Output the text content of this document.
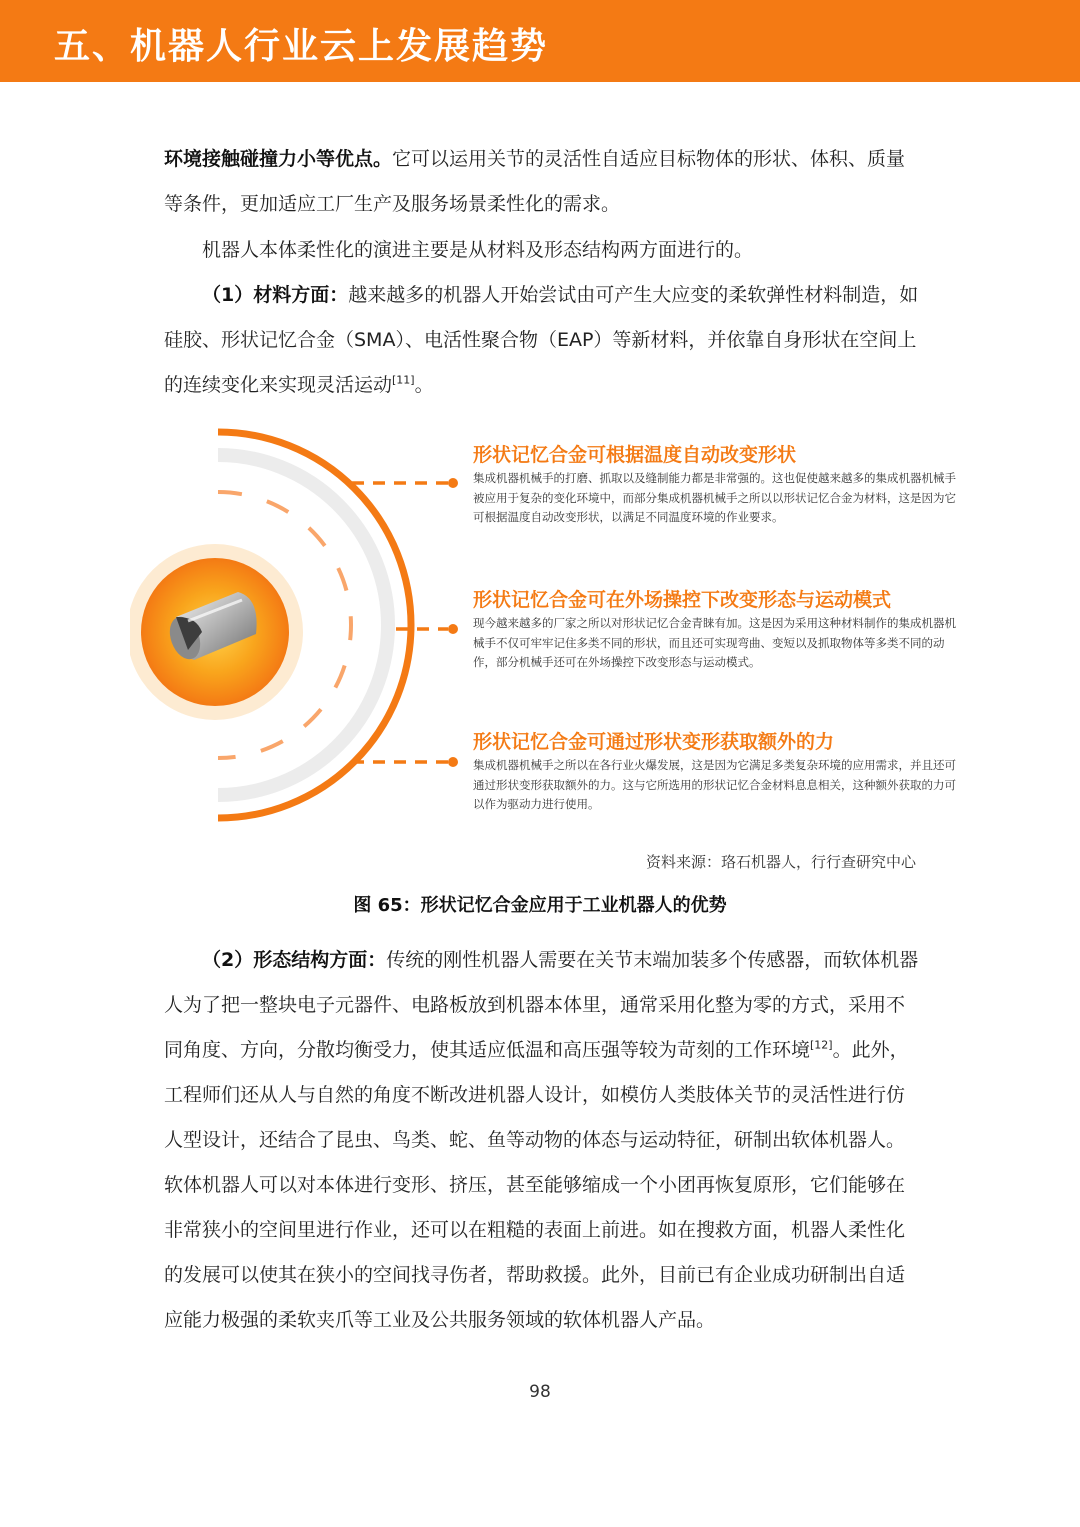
五、机器人行业云上发展趋势

环境接触碰撞力小等优点。它可以运用关节的灵活性自适应目标物体的形状、体积、质量等条件，更加适应工厂生产及服务场景柔性化的需求。

机器人本体柔性化的演进主要是从材料及形态结构两方面进行的。

（1）材料方面：越来越多的机器人开始尝试由可产生大应变的柔软弹性材料制造，如硅胶、形状记忆合金（SMA）、电活性聚合物（EAP）等新材料，并依靠自身形状在空间上的连续变化来实现灵活运动[11]。

形状记忆合金可根据温度自动改变形状
集成机器机械手的打磨、抓取以及缝制能力都是非常强的。这也促使越来越多的集成机器机械手被应用于复杂的变化环境中，而部分集成机器机械手之所以以形状记忆合金为材料，这是因为它可根据温度自动改变形状，以满足不同温度环境的作业要求。
形状记忆合金可在外场操控下改变形态与运动模式
现今越来越多的厂家之所以对形状记忆合金青睐有加。这是因为采用这种材料制作的集成机器机械手不仅可牢牢记住多类不同的形状，而且还可实现弯曲、变短以及抓取物体等多类不同的动作，部分机械手还可在外场操控下改变形态与运动模式。
形状记忆合金可通过形状变形获取额外的力
集成机器机械手之所以在各行业火爆发展，这是因为它满足多类复杂环境的应用需求，并且还可通过形状变形获取额外的力。这与它所选用的形状记忆合金材料息息相关，这种额外获取的力可以作为驱动力进行使用。
资料来源：珞石机器人，行行查研究中心
图 65：形状记忆合金应用于工业机器人的优势

（2）形态结构方面：传统的刚性机器人需要在关节末端加装多个传感器，而软体机器人为了把一整块电子元器件、电路板放到机器本体里，通常采用化整为零的方式，采用不同角度、方向，分散均衡受力，使其适应低温和高压强等较为苛刻的工作环境[12]。此外，工程师们还从人与自然的角度不断改进机器人设计，如模仿人类肢体关节的灵活性进行仿人型设计，还结合了昆虫、鸟类、蛇、鱼等动物的体态与运动特征，研制出软体机器人。软体机器人可以对本体进行变形、挤压，甚至能够缩成一个小团再恢复原形，它们能够在非常狭小的空间里进行作业，还可以在粗糙的表面上前进。如在搜救方面，机器人柔性化的发展可以使其在狭小的空间找寻伤者，帮助救援。此外，目前已有企业成功研制出自适应能力极强的柔软夹爪等工业及公共服务领域的软体机器人产品。

98
